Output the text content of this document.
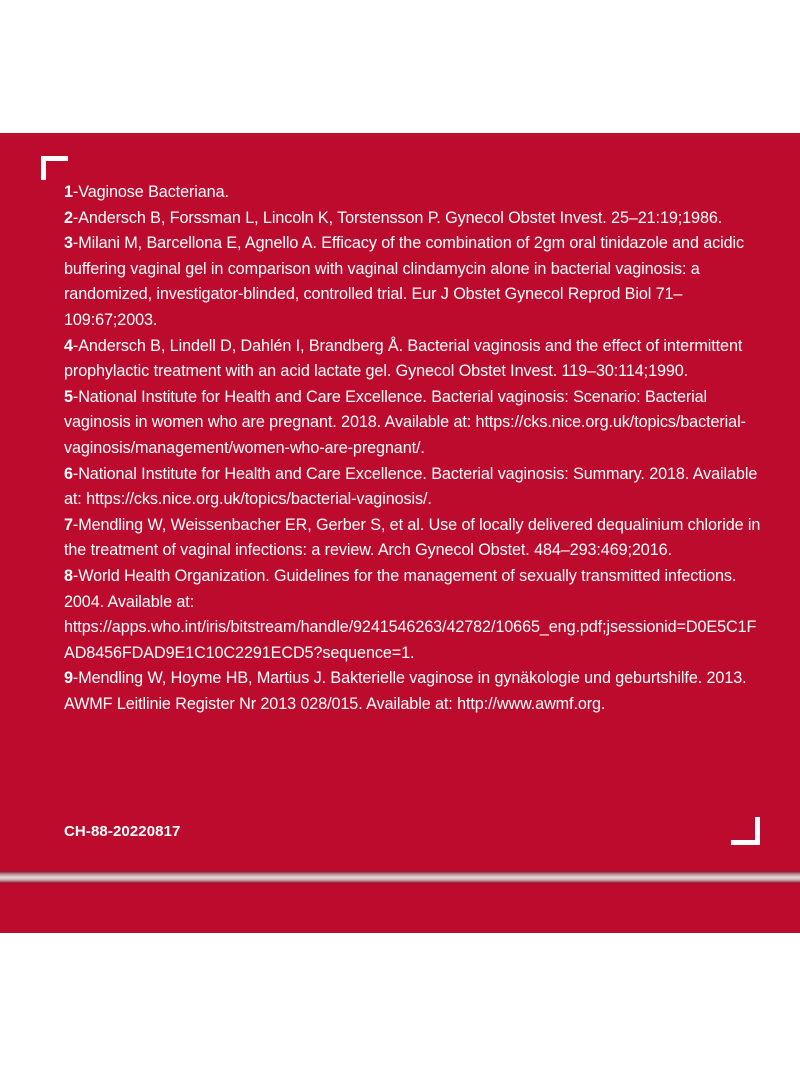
1-Vaginose Bacteriana.

2-Andersch B, Forssman L, Lincoln K, Torstensson P. Gynecol Obstet Invest. 25–21:19;1986.

3-Milani M, Barcellona E, Agnello A. Efficacy of the combination of 2gm oral tinidazole and acidic buffering vaginal gel in comparison with vaginal clindamycin alone in bacterial vaginosis: a randomized, investigator-blinded, controlled trial. Eur J Obstet Gynecol Reprod Biol 71–109:67;2003.

4-Andersch B, Lindell D, Dahlén I, Brandberg Å. Bacterial vaginosis and the effect of intermittent prophylactic treatment with an acid lactate gel. Gynecol Obstet Invest. 119–30:114;1990.

5-National Institute for Health and Care Excellence. Bacterial vaginosis: Scenario: Bacterial vaginosis in women who are pregnant. 2018. Available at: https://cks.nice.org.uk/topics/bacterial-vaginosis/management/women-who-are-pregnant/.

6-National Institute for Health and Care Excellence. Bacterial vaginosis: Summary. 2018. Available at: https://cks.nice.org.uk/topics/bacterial-vaginosis/.

7-Mendling W, Weissenbacher ER, Gerber S, et al. Use of locally delivered dequalinium chloride in the treatment of vaginal infections: a review. Arch Gynecol Obstet. 484–293:469;2016.

8-World Health Organization. Guidelines for the management of sexually transmitted infections. 2004. Available at: https://apps.who.int/iris/bitstream/handle/9241546263/42782/10665_eng.pdf;jsessionid=D0E5C1FAD8456FDAD9E1C10C2291ECD5?sequence=1.

9-Mendling W, Hoyme HB, Martius J. Bakterielle vaginose in gynäkologie und geburtshilfe. 2013. AWMF Leitlinie Register Nr 2013 028/015. Available at: http://www.awmf.org.

CH-88-20220817
